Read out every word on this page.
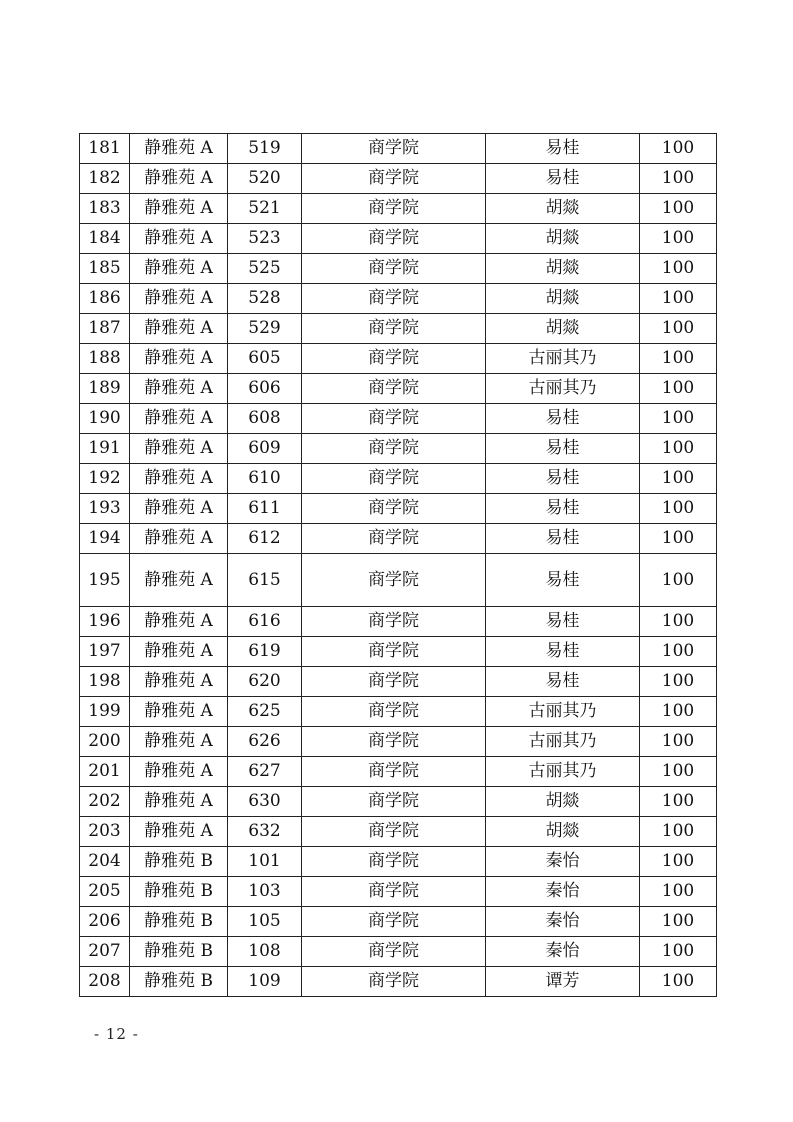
181	静雅苑 A	519	商学院	易桂	100
182	静雅苑 A	520	商学院	易桂	100
183	静雅苑 A	521	商学院	胡燚	100
184	静雅苑 A	523	商学院	胡燚	100
185	静雅苑 A	525	商学院	胡燚	100
186	静雅苑 A	528	商学院	胡燚	100
187	静雅苑 A	529	商学院	胡燚	100
188	静雅苑 A	605	商学院	古丽其乃	100
189	静雅苑 A	606	商学院	古丽其乃	100
190	静雅苑 A	608	商学院	易桂	100
191	静雅苑 A	609	商学院	易桂	100
192	静雅苑 A	610	商学院	易桂	100
193	静雅苑 A	611	商学院	易桂	100
194	静雅苑 A	612	商学院	易桂	100
195	静雅苑 A	615	商学院	易桂	100
196	静雅苑 A	616	商学院	易桂	100
197	静雅苑 A	619	商学院	易桂	100
198	静雅苑 A	620	商学院	易桂	100
199	静雅苑 A	625	商学院	古丽其乃	100
200	静雅苑 A	626	商学院	古丽其乃	100
201	静雅苑 A	627	商学院	古丽其乃	100
202	静雅苑 A	630	商学院	胡燚	100
203	静雅苑 A	632	商学院	胡燚	100
204	静雅苑 B	101	商学院	秦怡	100
205	静雅苑 B	103	商学院	秦怡	100
206	静雅苑 B	105	商学院	秦怡	100
207	静雅苑 B	108	商学院	秦怡	100
208	静雅苑 B	109	商学院	谭芳	100
- 12 -
